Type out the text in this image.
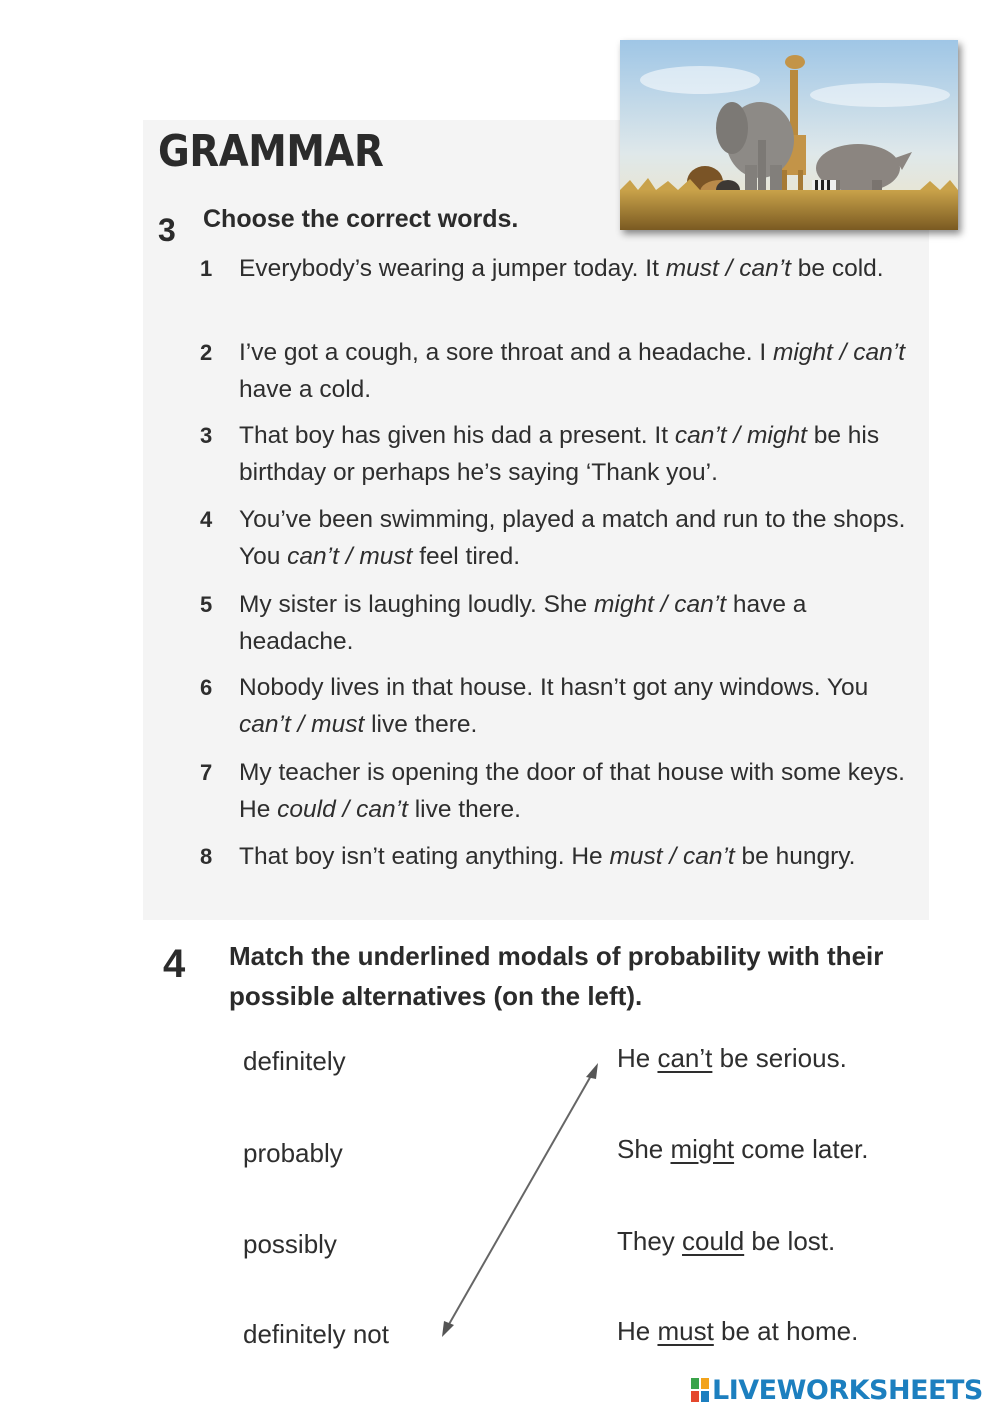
GRAMMAR
3 Choose the correct words.
1 Everybody’s wearing a jumper today. It must / can’t be cold.
2 I’ve got a cough, a sore throat and a headache. I might / can’t have a cold.
3 That boy has given his dad a present. It can’t / might be his birthday or perhaps he’s saying ‘Thank you’.
4 You’ve been swimming, played a match and run to the shops. You can’t / must feel tired.
5 My sister is laughing loudly. She might / can’t have a headache.
6 Nobody lives in that house. It hasn’t got any windows. You can’t / must live there.
7 My teacher is opening the door of that house with some keys. He could / can’t live there.
8 That boy isn’t eating anything. He must / can’t be hungry.
4 Match the underlined modals of probability with their possible alternatives (on the left).
definitely
probably
possibly
definitely not
He can’t be serious.
She might come later.
They could be lost.
He must be at home.
LIVEWORKSHEETS
